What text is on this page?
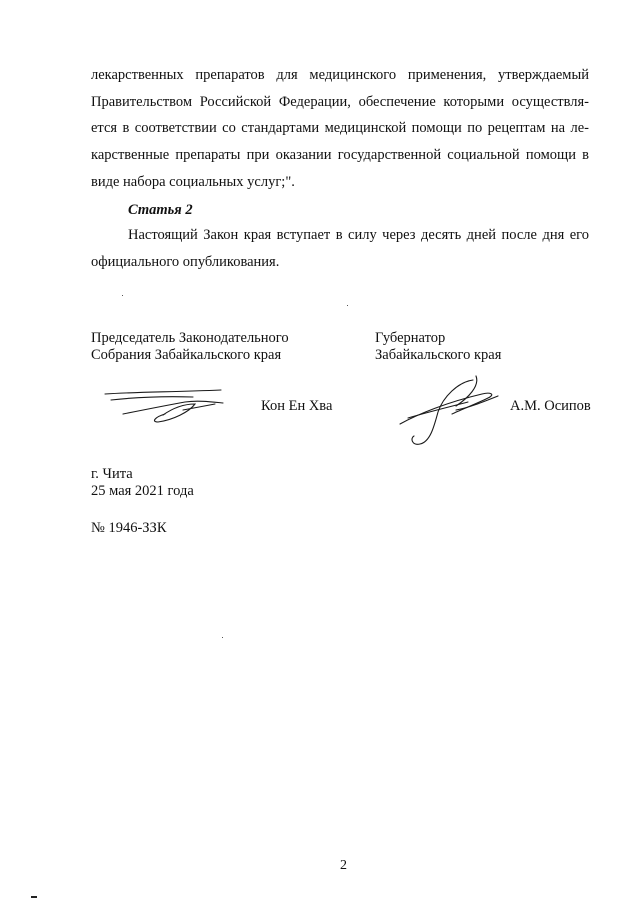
лекарственных препаратов для медицинского применения, утверждаемый
Правительством Российской Федерации, обеспечение которыми осуществля-
ется в соответствии со стандартами медицинской помощи по рецептам на ле-
карственные препараты при оказании государственной социальной помощи в
виде набора социальных услуг;".
Статья 2
Настоящий Закон края вступает в силу через десять дней после дня его
официального опубликования.
Председатель Законодательного
Собрания Забайкальского края
Губернатор
Забайкальского края
Кон Ен Хва	А.М. Осипов
г. Чита
25 мая 2021 года
№ 1946-ЗЗК
2
